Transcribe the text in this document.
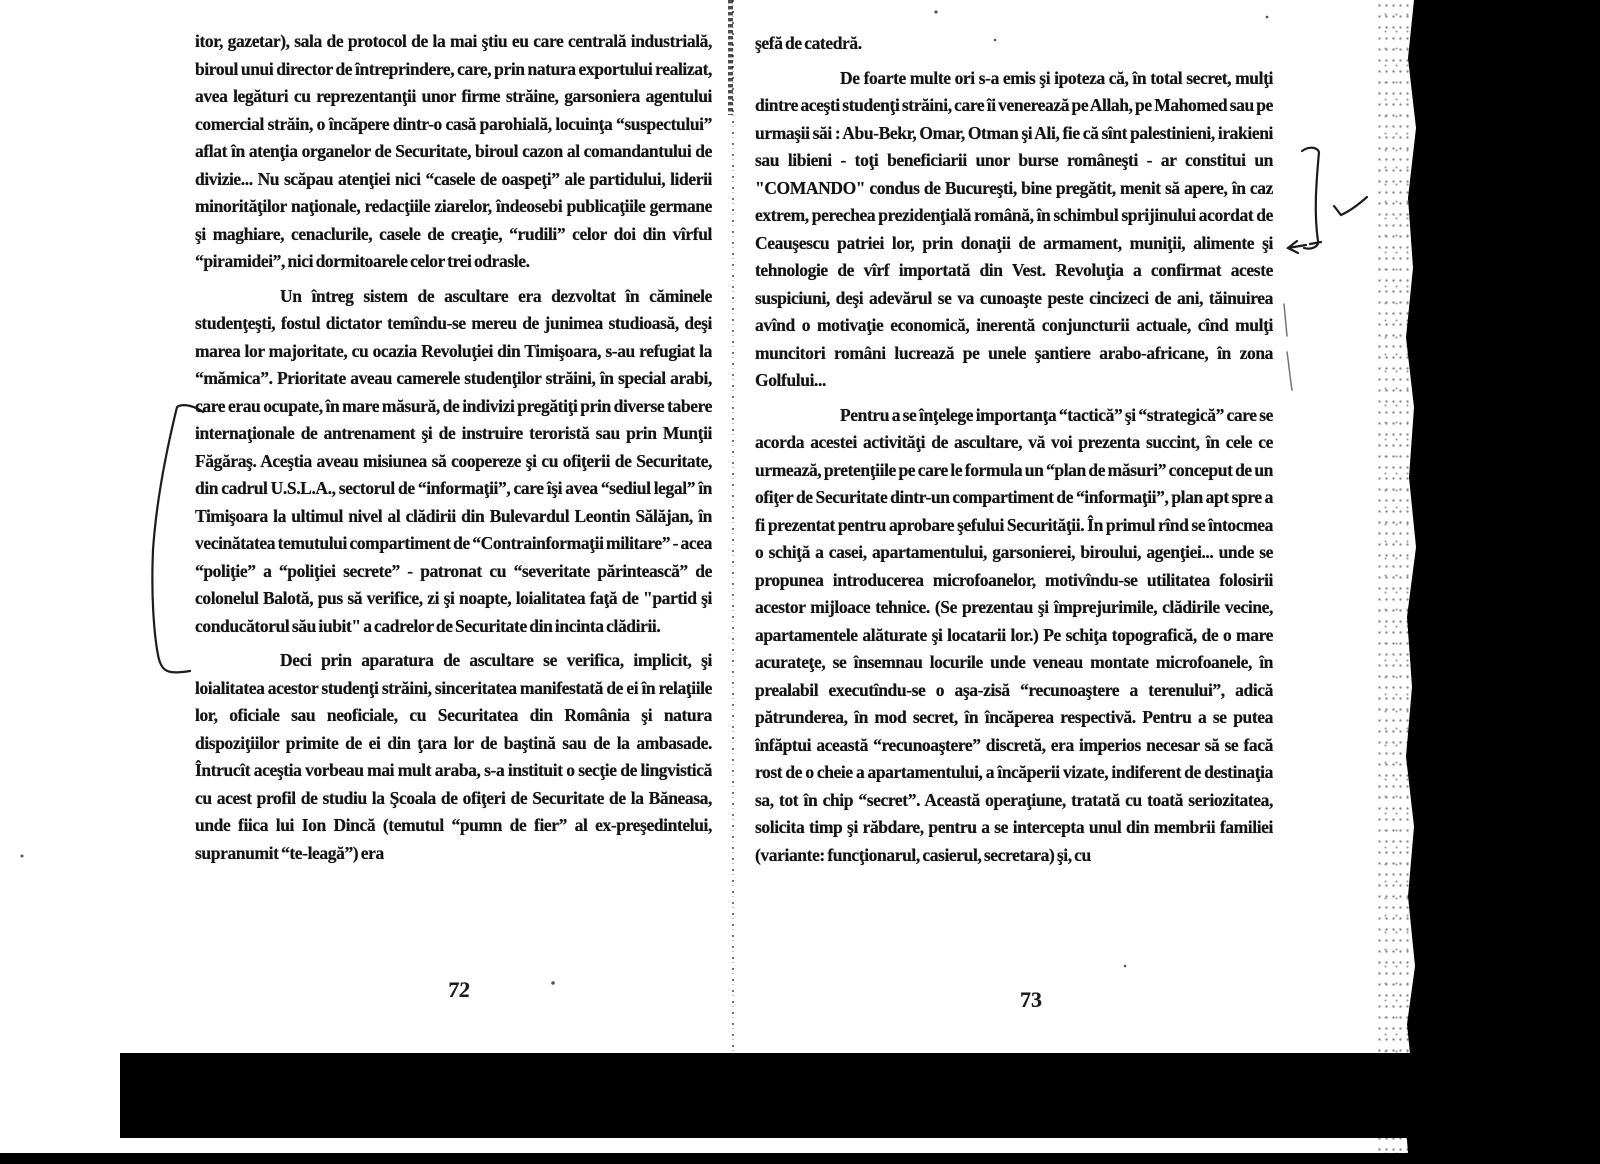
itor, gazetar), sala de protocol de la mai ştiu eu care centrală industrială, biroul unui director de întreprindere, care, prin natura exportului realizat, avea legături cu reprezentanţii unor firme străine, garsoniera agentului comercial străin, o încăpere dintr-o casă parohială, locuinţa “suspectului” aflat în atenţia organelor de Securitate, biroul cazon al comandantului de divizie... Nu scăpau atenţiei nici “casele de oaspeţi” ale partidului, liderii minorităţilor naţionale, redacţiile ziarelor, îndeosebi publicaţiile germane şi maghiare, cenaclurile, casele de creaţie, “rudili” celor doi din vîrful “piramidei”, nici dormitoarele celor trei odrasle.

Un întreg sistem de ascultare era dezvoltat în căminele studenţeşti, fostul dictator temîndu-se mereu de junimea studioasă, deşi marea lor majoritate, cu ocazia Revoluţiei din Timişoara, s-au refugiat la “mămica”. Prioritate aveau camerele studenţilor străini, în special arabi, care erau ocupate, în mare măsură, de indivizi pregătiţi prin diverse tabere internaţionale de antrenament şi de instruire teroristă sau prin Munţii Făgăraş. Aceştia aveau misiunea să coopereze şi cu ofiţerii de Securitate, din cadrul U.S.L.A., sectorul de “informaţii”, care îşi avea “sediul legal” în Timişoara la ultimul nivel al clădirii din Bulevardul Leontin Sălăjan, în vecinătatea temutului compartiment de “Contrainformaţii militare” - acea “poliţie” a “poliţiei secrete” - patronat cu “severitate părintească” de colonelul Balotă, pus să verifice, zi şi noapte, loialitatea faţă de "partid şi conducătorul său iubit" a cadrelor de Securitate din incinta clădirii.

Deci prin aparatura de ascultare se verifica, implicit, şi loialitatea acestor studenţi străini, sinceritatea manifestată de ei în relaţiile lor, oficiale sau neoficiale, cu Securitatea din România şi natura dispoziţiilor primite de ei din ţara lor de baştină sau de la ambasade. Întrucît aceştia vorbeau mai mult araba, s-a instituit o secţie de lingvistică cu acest profil de studiu la Şcoala de ofiţeri de Securitate de la Băneasa, unde fiica lui Ion Dincă (temutul “pumn de fier” al ex-preşedintelui, supranumit “te-leagă”) era

72

şefă de catedră.

De foarte multe ori s-a emis şi ipoteza că, în total secret, mulţi dintre aceşti studenţi străini, care îi venerează pe Allah, pe Mahomed sau pe urmaşii săi : Abu-Bekr, Omar, Otman şi Ali, fie că sînt palestinieni, irakieni sau libieni - toţi beneficiarii unor burse româneşti - ar constitui un "COMANDO" condus de Bucureşti, bine pregătit, menit să apere, în caz extrem, perechea prezidenţială română, în schimbul sprijinului acordat de Ceauşescu patriei lor, prin donaţii de armament, muniţii, alimente şi tehnologie de vîrf importată din Vest. Revoluţia a confirmat aceste suspiciuni, deşi adevărul se va cunoaşte peste cincizeci de ani, tăinuirea avînd o motivaţie economică, inerentă conjuncturii actuale, cînd mulţi muncitori români lucrează pe unele şantiere arabo-africane, în zona Golfului...

Pentru a se înţelege importanţa “tactică” şi “strategică” care se acorda acestei activităţi de ascultare, vă voi prezenta succint, în cele ce urmează, pretenţiile pe care le formula un “plan de măsuri” conceput de un ofiţer de Securitate dintr-un compartiment de “informaţii”, plan apt spre a fi prezentat pentru aprobare şefului Securităţii. În primul rînd se întocmea o schiţă a casei, apartamentului, garsonierei, biroului, agenţiei... unde se propunea introducerea microfoanelor, motivîndu-se utilitatea folosirii acestor mijloace tehnice. (Se prezentau şi împrejurimile, clădirile vecine, apartamentele alăturate şi locatarii lor.) Pe schiţa topografică, de o mare acurateţe, se însemnau locurile unde veneau montate microfoanele, în prealabil executîndu-se o aşa-zisă “recunoaştere a terenului”, adică pătrunderea, în mod secret, în încăperea respectivă. Pentru a se putea înfăptui această “recunoaştere” discretă, era imperios necesar să se facă rost de o cheie a apartamentului, a încăperii vizate, indiferent de destinaţia sa, tot în chip “secret”. Această operaţiune, tratată cu toată seriozitatea, solicita timp şi răbdare, pentru a se intercepta unul din membrii familiei (variante: funcţionarul, casierul, secretara) şi, cu

73
